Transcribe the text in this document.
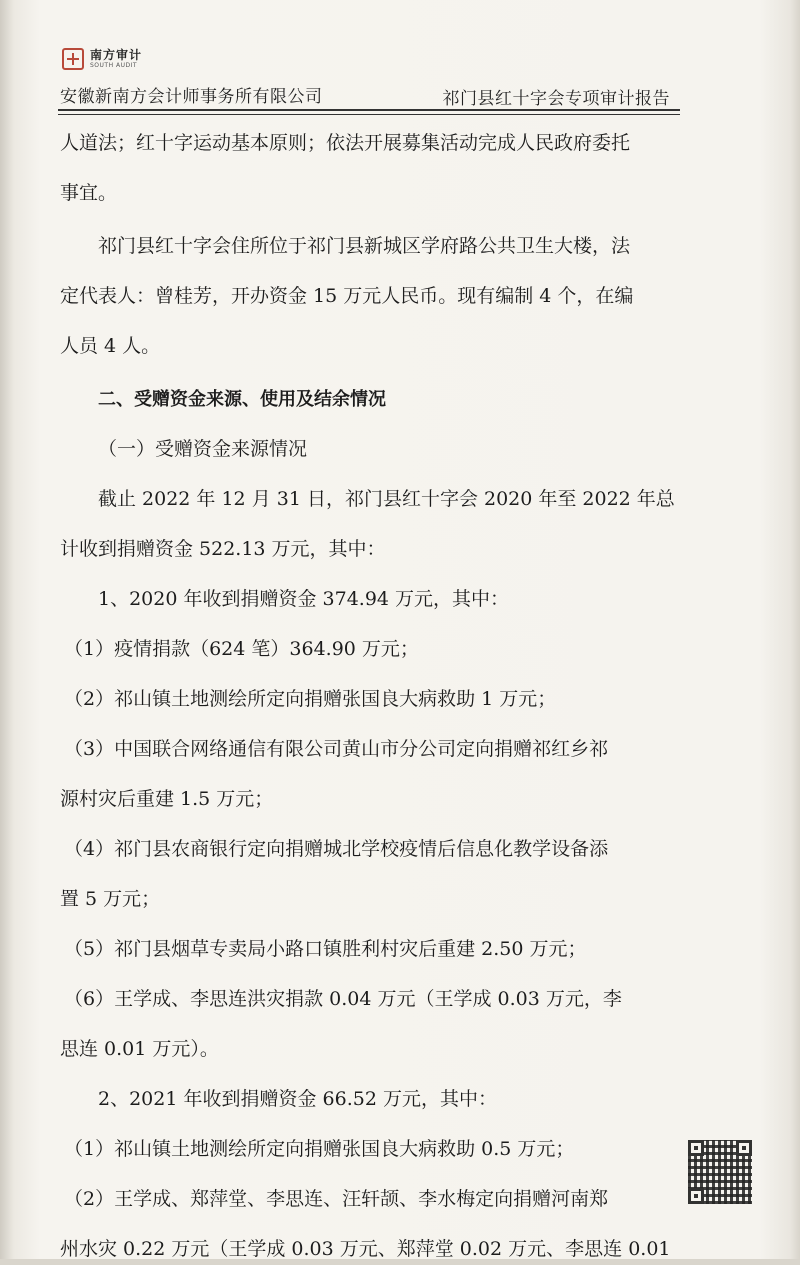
南方审计
SOUTH AUDIT
安徽新南方会计师事务所有限公司	祁门县红十字会专项审计报告

人道法；红十字运动基本原则；依法开展募集活动完成人民政府委托

事宜。

祁门县红十字会住所位于祁门县新城区学府路公共卫生大楼，法

定代表人：曾桂芳，开办资金 15 万元人民币。现有编制 4 个，在编

人员 4 人。

二、受赠资金来源、使用及结余情况

（一）受赠资金来源情况

截止 2022 年 12 月 31 日，祁门县红十字会 2020 年至 2022 年总

计收到捐赠资金 522.13 万元，其中：

1、2020 年收到捐赠资金 374.94 万元，其中：

（1）疫情捐款（624 笔）364.90 万元；

（2）祁山镇土地测绘所定向捐赠张国良大病救助 1 万元；

（3）中国联合网络通信有限公司黄山市分公司定向捐赠祁红乡祁

源村灾后重建 1.5 万元；

（4）祁门县农商银行定向捐赠城北学校疫情后信息化教学设备添

置 5 万元；

（5）祁门县烟草专卖局小路口镇胜利村灾后重建 2.50 万元；

（6）王学成、李思连洪灾捐款 0.04 万元（王学成 0.03 万元，李

思连 0.01 万元）。

2、2021 年收到捐赠资金 66.52 万元，其中：

（1）祁山镇土地测绘所定向捐赠张国良大病救助 0.5 万元；

（2）王学成、郑萍堂、李思连、汪轩颉、李水梅定向捐赠河南郑

州水灾 0.22 万元（王学成 0.03 万元、郑萍堂 0.02 万元、李思连 0.01
